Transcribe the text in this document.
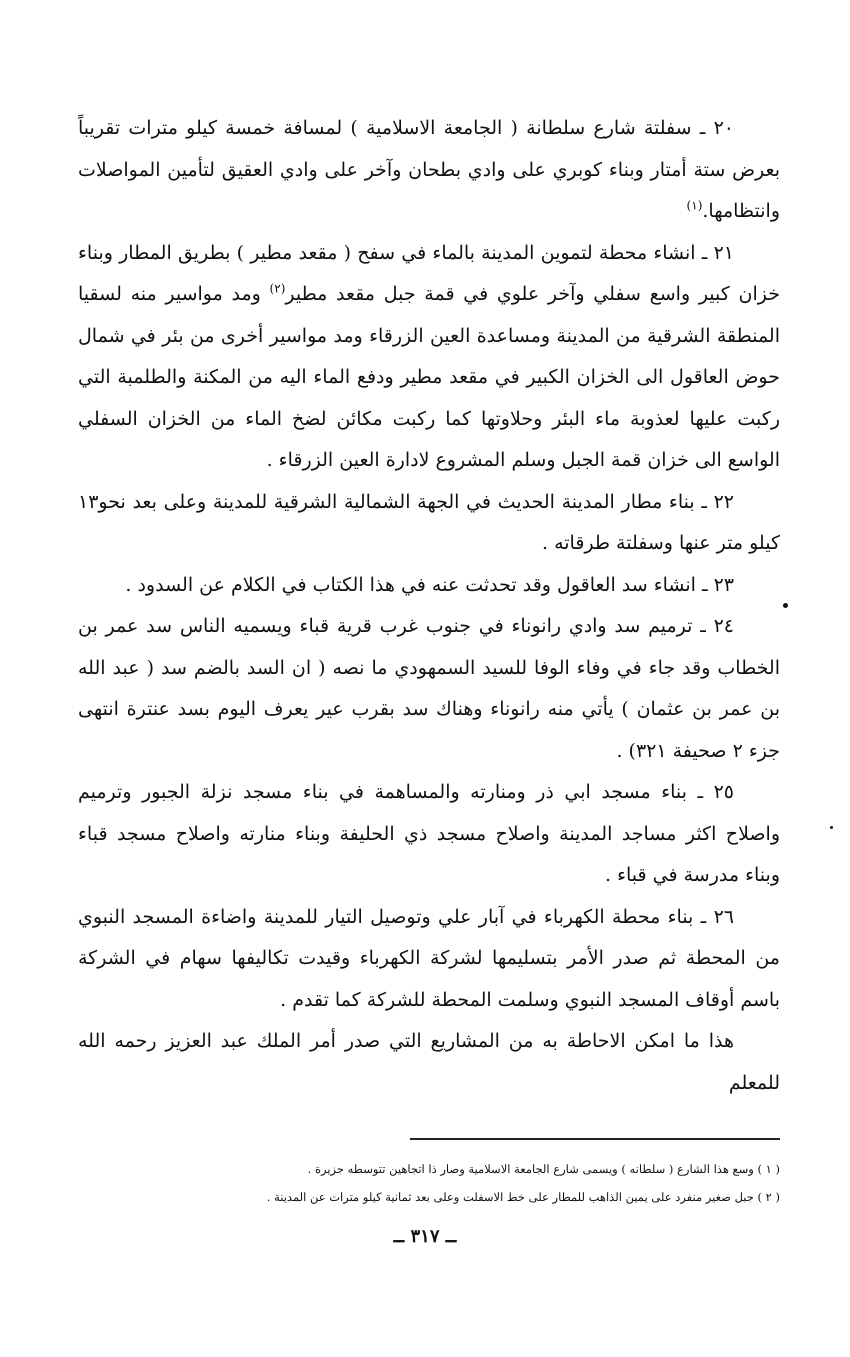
٢٠ ـ سفلتة شارع سلطانة ( الجامعة الاسلامية ) لمسافة خمسة كيلو مترات تقريباً بعرض ستة أمتار وبناء كوبري على وادي بطحان وآخر على وادي العقيق لتأمين المواصلات وانتظامها.$^{(١)}$

٢١ ـ انشاء محطة لتموين المدينة بالماء في سفح ( مقعد مطير ) بطريق المطار وبناء خزان كبير واسع سفلي وآخر علوي في قمة جبل مقعد مطير$^{(٢)}$ ومد مواسير منه لسقيا المنطقة الشرقية من المدينة ومساعدة العين الزرقاء ومد مواسير أخرى من بئر في شمال حوض العاقول الى الخزان الكبير في مقعد مطير ودفع الماء اليه من المكنة والطلمبة التي ركبت عليها لعذوبة ماء البئر وحلاوتها كما ركبت مكائن لضخ الماء من الخزان السفلي الواسع الى خزان قمة الجبل وسلم المشروع لادارة العين الزرقاء .

٢٢ ـ بناء مطار المدينة الحديث في الجهة الشمالية الشرقية للمدينة وعلى بعد نحو١٣ كيلو متر عنها وسفلتة طرقاته .

٢٣ ـ انشاء سد العاقول وقد تحدثت عنه في هذا الكتاب في الكلام عن السدود .

٢٤ ـ ترميم سد وادي رانوناء في جنوب غرب قرية قباء ويسميه الناس سد عمر بن الخطاب وقد جاء في وفاء الوفا للسيد السمهودي ما نصه ( ان السد بالضم سد ( عبد الله بن عمر بن عثمان ) يأتي منه رانوناء وهناك سد بقرب عير يعرف اليوم بسد عنترة انتهى جزء ٢ صحيفة ٣٢١) .

٢٥ ـ بناء مسجد ابي ذر ومنارته والمساهمة في بناء مسجد نزلة الجبور وترميم واصلاح اكثر مساجد المدينة واصلاح مسجد ذي الحليفة وبناء منارته واصلاح مسجد قباء وبناء مدرسة في قباء .

٢٦ ـ بناء محطة الكهرباء في آبار علي وتوصيل التيار للمدينة واضاءة المسجد النبوي من المحطة ثم صدر الأمر بتسليمها لشركة الكهرباء وقيدت تكاليفها سهام في الشركة باسم أوقاف المسجد النبوي وسلمت المحطة للشركة كما تقدم .

هذا ما امكن الاحاطة به من المشاريع التي صدر أمر الملك عبد العزيز رحمه الله للمعلم

( ١ ) وسع هذا الشارع ( سلطانه ) ويسمى شارع الجامعة الاسلامية وصار ذا اتجاهين تتوسطه جزيرة .

( ٢ ) جبل صغير منفرد على يمين الذاهب للمطار على خط الاسفلت وعلى بعد ثمانية كيلو مترات عن المدينة .

ــ ٣١٧ ــ
